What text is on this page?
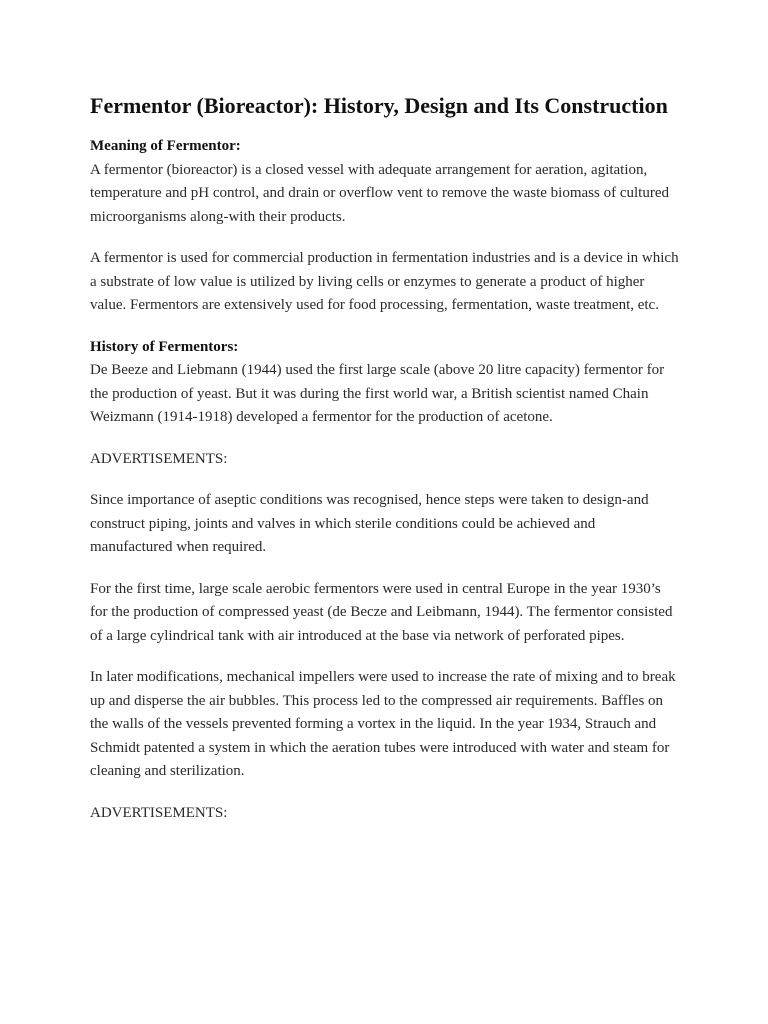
Fermentor (Bioreactor): History, Design and Its Construction

Meaning of Fermentor:

A fermentor (bioreactor) is a closed vessel with adequate arrangement for aeration, agitation, temperature and pH control, and drain or overflow vent to remove the waste biomass of cultured microorganisms along-with their products.

A fermentor is used for commercial production in fermentation industries and is a device in which a substrate of low value is utilized by living cells or enzymes to generate a product of higher value. Fermentors are extensively used for food processing, fermentation, waste treatment, etc.

History of Fermentors:

De Beeze and Liebmann (1944) used the first large scale (above 20 litre capacity) fermentor for the production of yeast. But it was during the first world war, a British scientist named Chain Weizmann (1914-1918) developed a fermentor for the production of acetone.

ADVERTISEMENTS:

Since importance of aseptic conditions was recognised, hence steps were taken to design-and construct piping, joints and valves in which sterile conditions could be achieved and manufactured when required.

For the first time, large scale aerobic fermentors were used in central Europe in the year 1930’s for the production of compressed yeast (de Becze and Leibmann, 1944). The fermentor consisted of a large cylindrical tank with air introduced at the base via network of perforated pipes.

In later modifications, mechanical impellers were used to increase the rate of mixing and to break up and disperse the air bubbles. This process led to the compressed air requirements. Baffles on the walls of the vessels prevented forming a vortex in the liquid. In the year 1934, Strauch and Schmidt patented a system in which the aeration tubes were introduced with water and steam for cleaning and sterilization.

ADVERTISEMENTS:
